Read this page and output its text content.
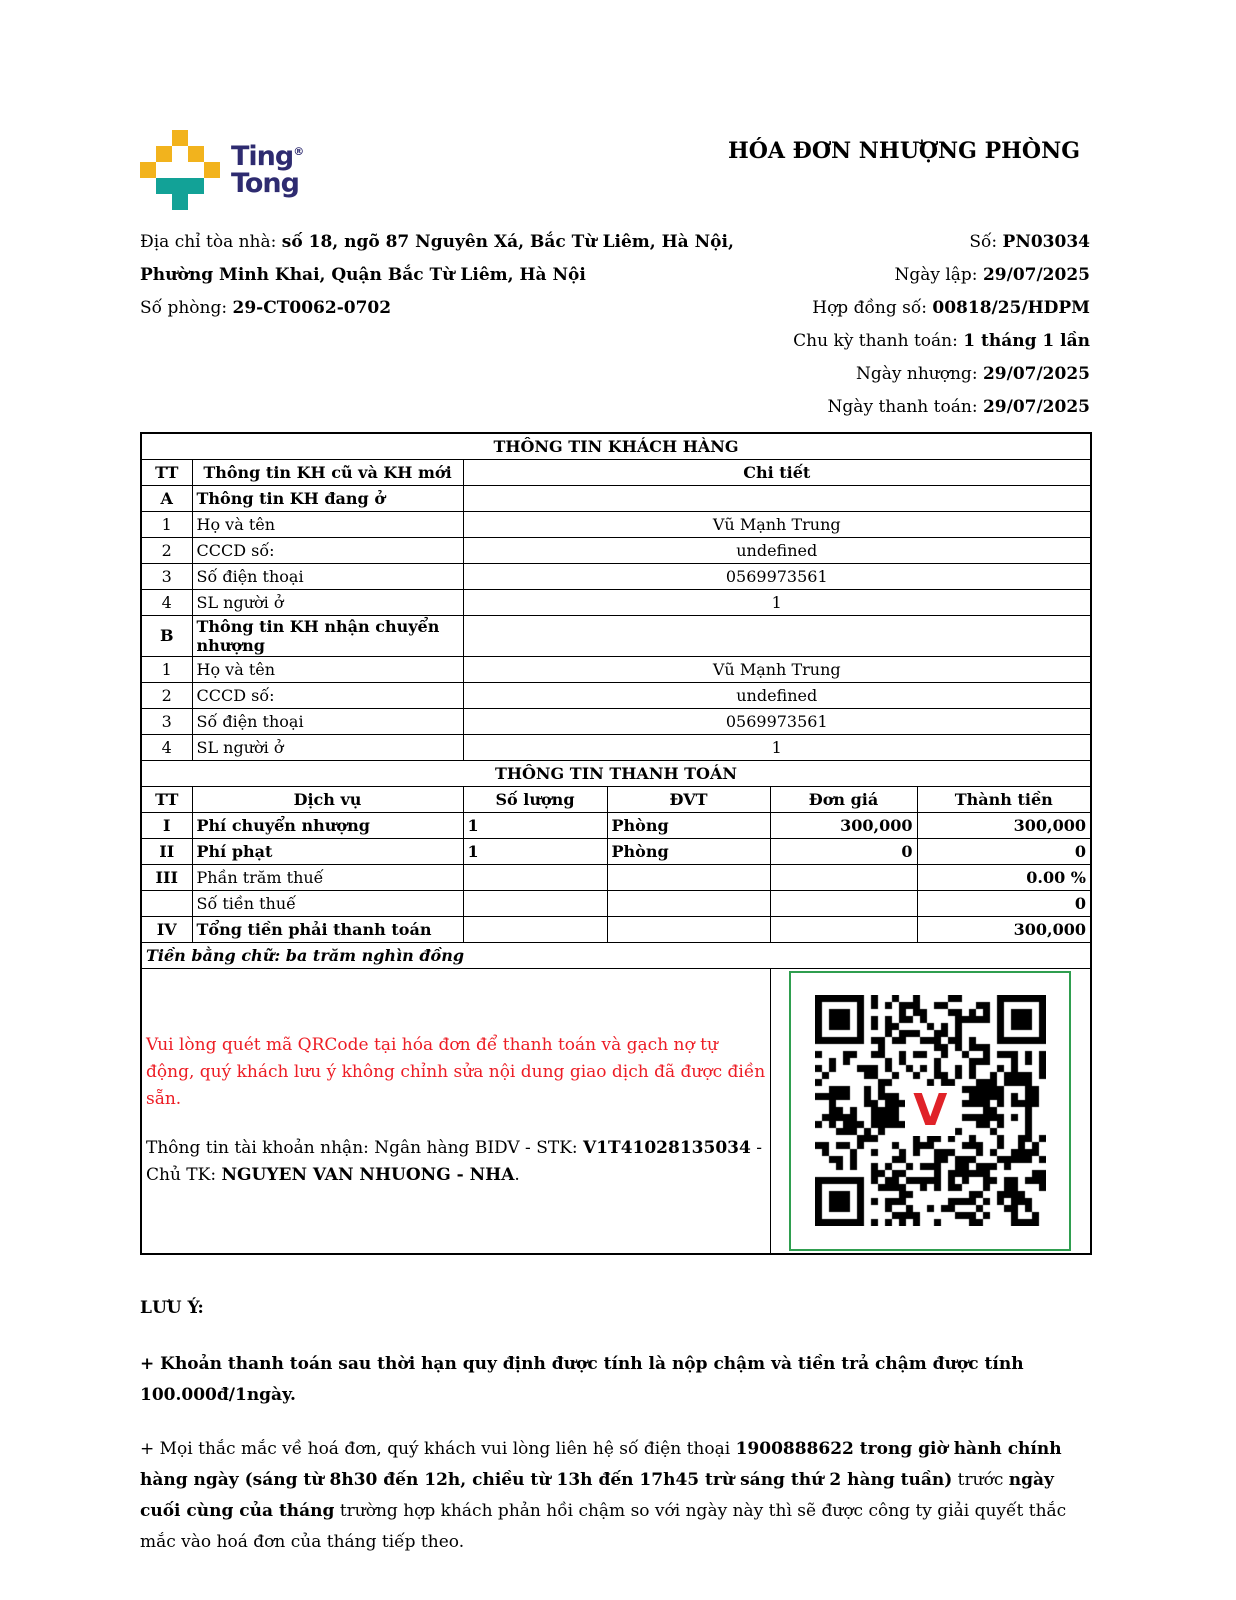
Ting®
Tong
HÓA ĐƠN NHƯỢNG PHÒNG

Địa chỉ tòa nhà: số 18, ngõ 87 Nguyên Xá, Bắc Từ Liêm, Hà Nội,
Phường Minh Khai, Quận Bắc Từ Liêm, Hà Nội

Số phòng: 29-CT0062-0702

Số: PN03034
Ngày lập: 29/07/2025
Hợp đồng số: 00818/25/HDPM
Chu kỳ thanh toán: 1 tháng 1 lần
Ngày nhượng: 29/07/2025
Ngày thanh toán: 29/07/2025
THÔNG TIN KHÁCH HÀNG					
TT	Thông tin KH cũ và KH mới	Chi tiết			
A	Thông tin KH đang ở				
1	Họ và tên	Vũ Mạnh Trung			
2	CCCD số:	undefined			
3	Số điện thoại	0569973561			
4	SL người ở	1			
B	Thông tin KH nhận chuyển nhượng				
1	Họ và tên	Vũ Mạnh Trung			
2	CCCD số:	undefined			
3	Số điện thoại	0569973561			
4	SL người ở	1			
THÔNG TIN THANH TOÁN					
TT	Dịch vụ	Số lượng	ĐVT	Đơn giá	Thành tiền
I	Phí chuyển nhượng	1	Phòng	300,000	300,000
II	Phí phạt	1	Phòng	0	0
III	Phần trăm thuế				0.00 %
	Số tiền thuế				0
IV	Tổng tiền phải thanh toán				300,000
Tiền bằng chữ: ba trăm nghìn đồng					

Vui lòng quét mã QRCode tại hóa đơn để thanh toán và gạch nợ tự động, quý khách lưu ý không chỉnh sửa nội dung giao dịch đã được điền sẵn.

Thông tin tài khoản nhận: Ngân hàng BIDV - STK: V1T41028135034 - Chủ TK: NGUYEN VAN NHUONG - NHA.				V	
LƯU Ý:

+ Khoản thanh toán sau thời hạn quy định được tính là nộp chậm và tiền trả chậm được tính 100.000đ/1ngày.

+ Mọi thắc mắc về hoá đơn, quý khách vui lòng liên hệ số điện thoại 1900888622 trong giờ hành chính hàng ngày (sáng từ 8h30 đến 12h, chiều từ 13h đến 17h45 trừ sáng thứ 2 hàng tuần) trước ngày cuối cùng của tháng trường hợp khách phản hồi chậm so với ngày này thì sẽ được công ty giải quyết thắc mắc vào hoá đơn của tháng tiếp theo.
